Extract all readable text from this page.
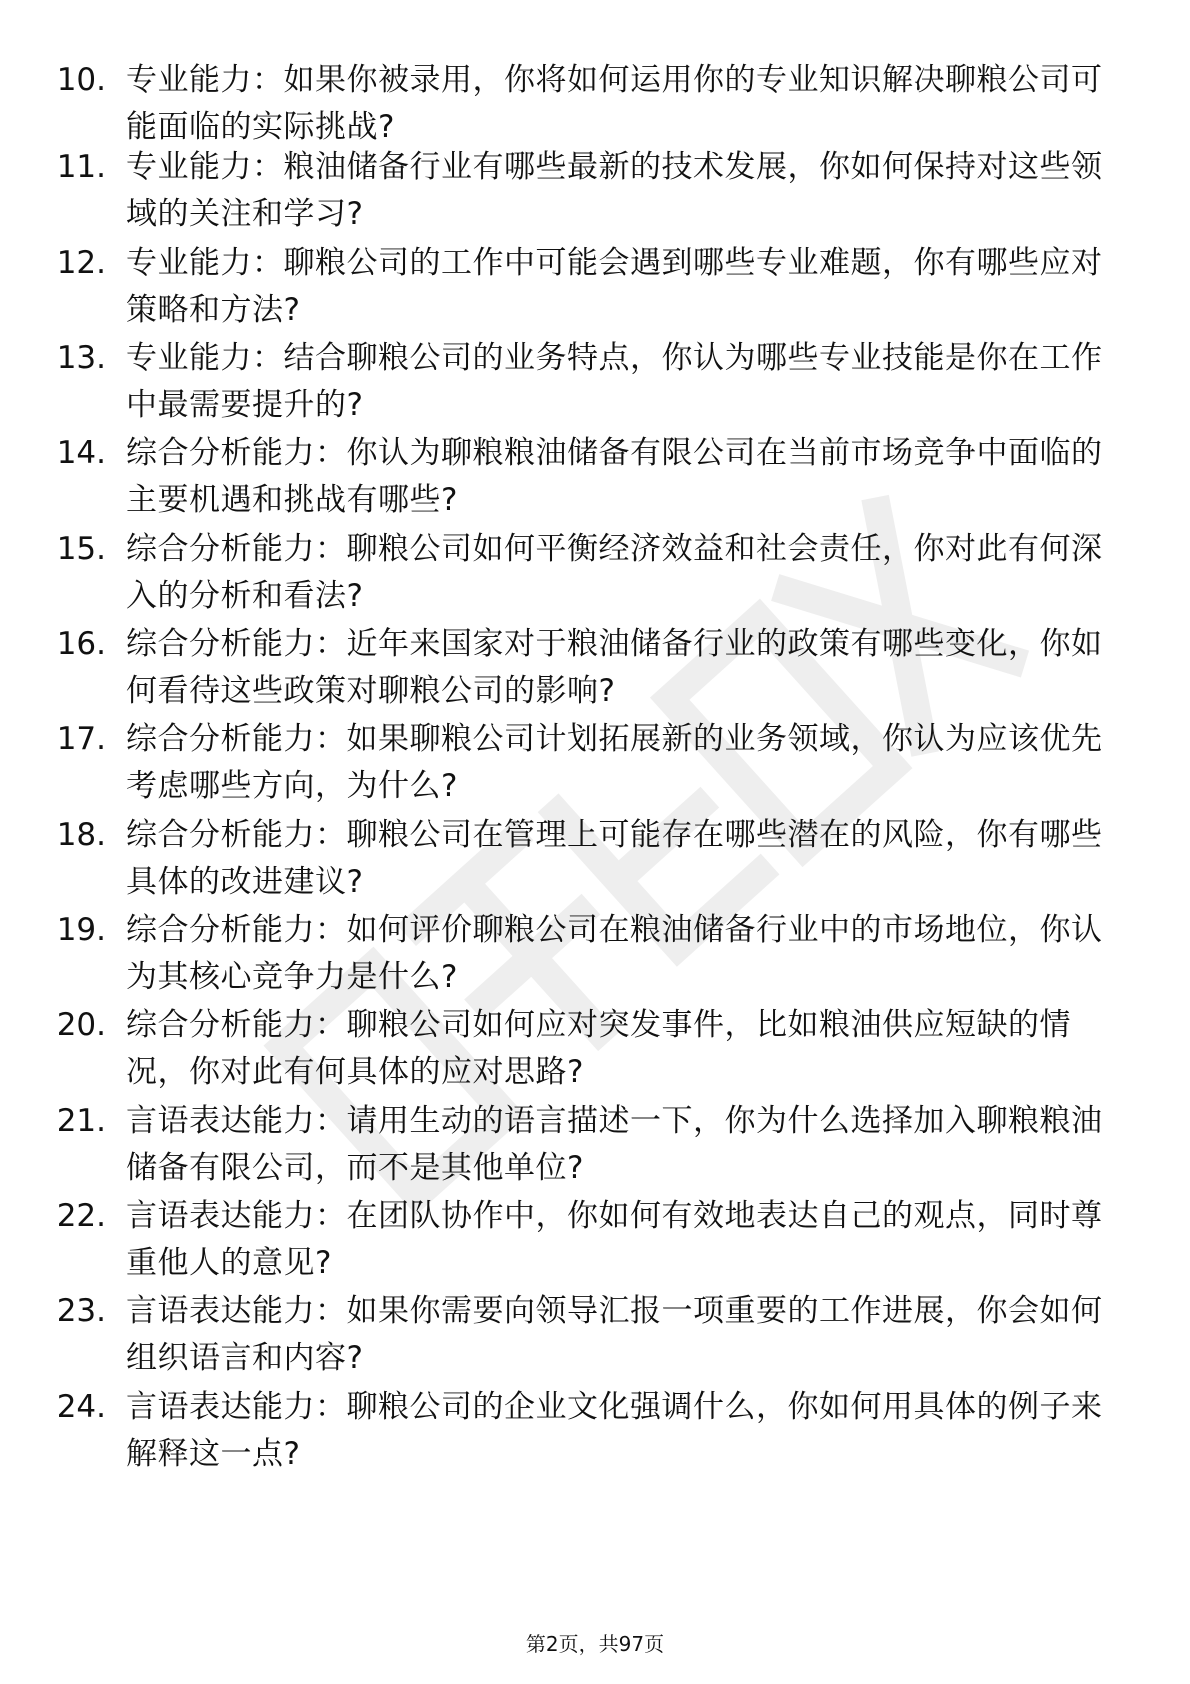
10. 专业能力：如果你被录用，你将如何运用你的专业知识解决聊粮公司可能面临的实际挑战?
11. 专业能力：粮油储备行业有哪些最新的技术发展，你如何保持对这些领域的关注和学习?
12. 专业能力：聊粮公司的工作中可能会遇到哪些专业难题，你有哪些应对策略和方法?
13. 专业能力：结合聊粮公司的业务特点，你认为哪些专业技能是你在工作中最需要提升的?
14. 综合分析能力：你认为聊粮粮油储备有限公司在当前市场竞争中面临的主要机遇和挑战有哪些?
15. 综合分析能力：聊粮公司如何平衡经济效益和社会责任，你对此有何深入的分析和看法?
16. 综合分析能力：近年来国家对于粮油储备行业的政策有哪些变化，你如何看待这些政策对聊粮公司的影响?
17. 综合分析能力：如果聊粮公司计划拓展新的业务领域，你认为应该优先考虑哪些方向，为什么?
18. 综合分析能力：聊粮公司在管理上可能存在哪些潜在的风险，你有哪些具体的改进建议?
19. 综合分析能力：如何评价聊粮公司在粮油储备行业中的市场地位，你认为其核心竞争力是什么?
20. 综合分析能力：聊粮公司如何应对突发事件，比如粮油供应短缺的情况，你对此有何具体的应对思路?
21. 言语表达能力：请用生动的语言描述一下，你为什么选择加入聊粮粮油储备有限公司，而不是其他单位?
22. 言语表达能力：在团队协作中，你如何有效地表达自己的观点，同时尊重他人的意见?
23. 言语表达能力：如果你需要向领导汇报一项重要的工作进展，你会如何组织语言和内容?
24. 言语表达能力：聊粮公司的企业文化强调什么，你如何用具体的例子来解释这一点?
第2页，共97页
